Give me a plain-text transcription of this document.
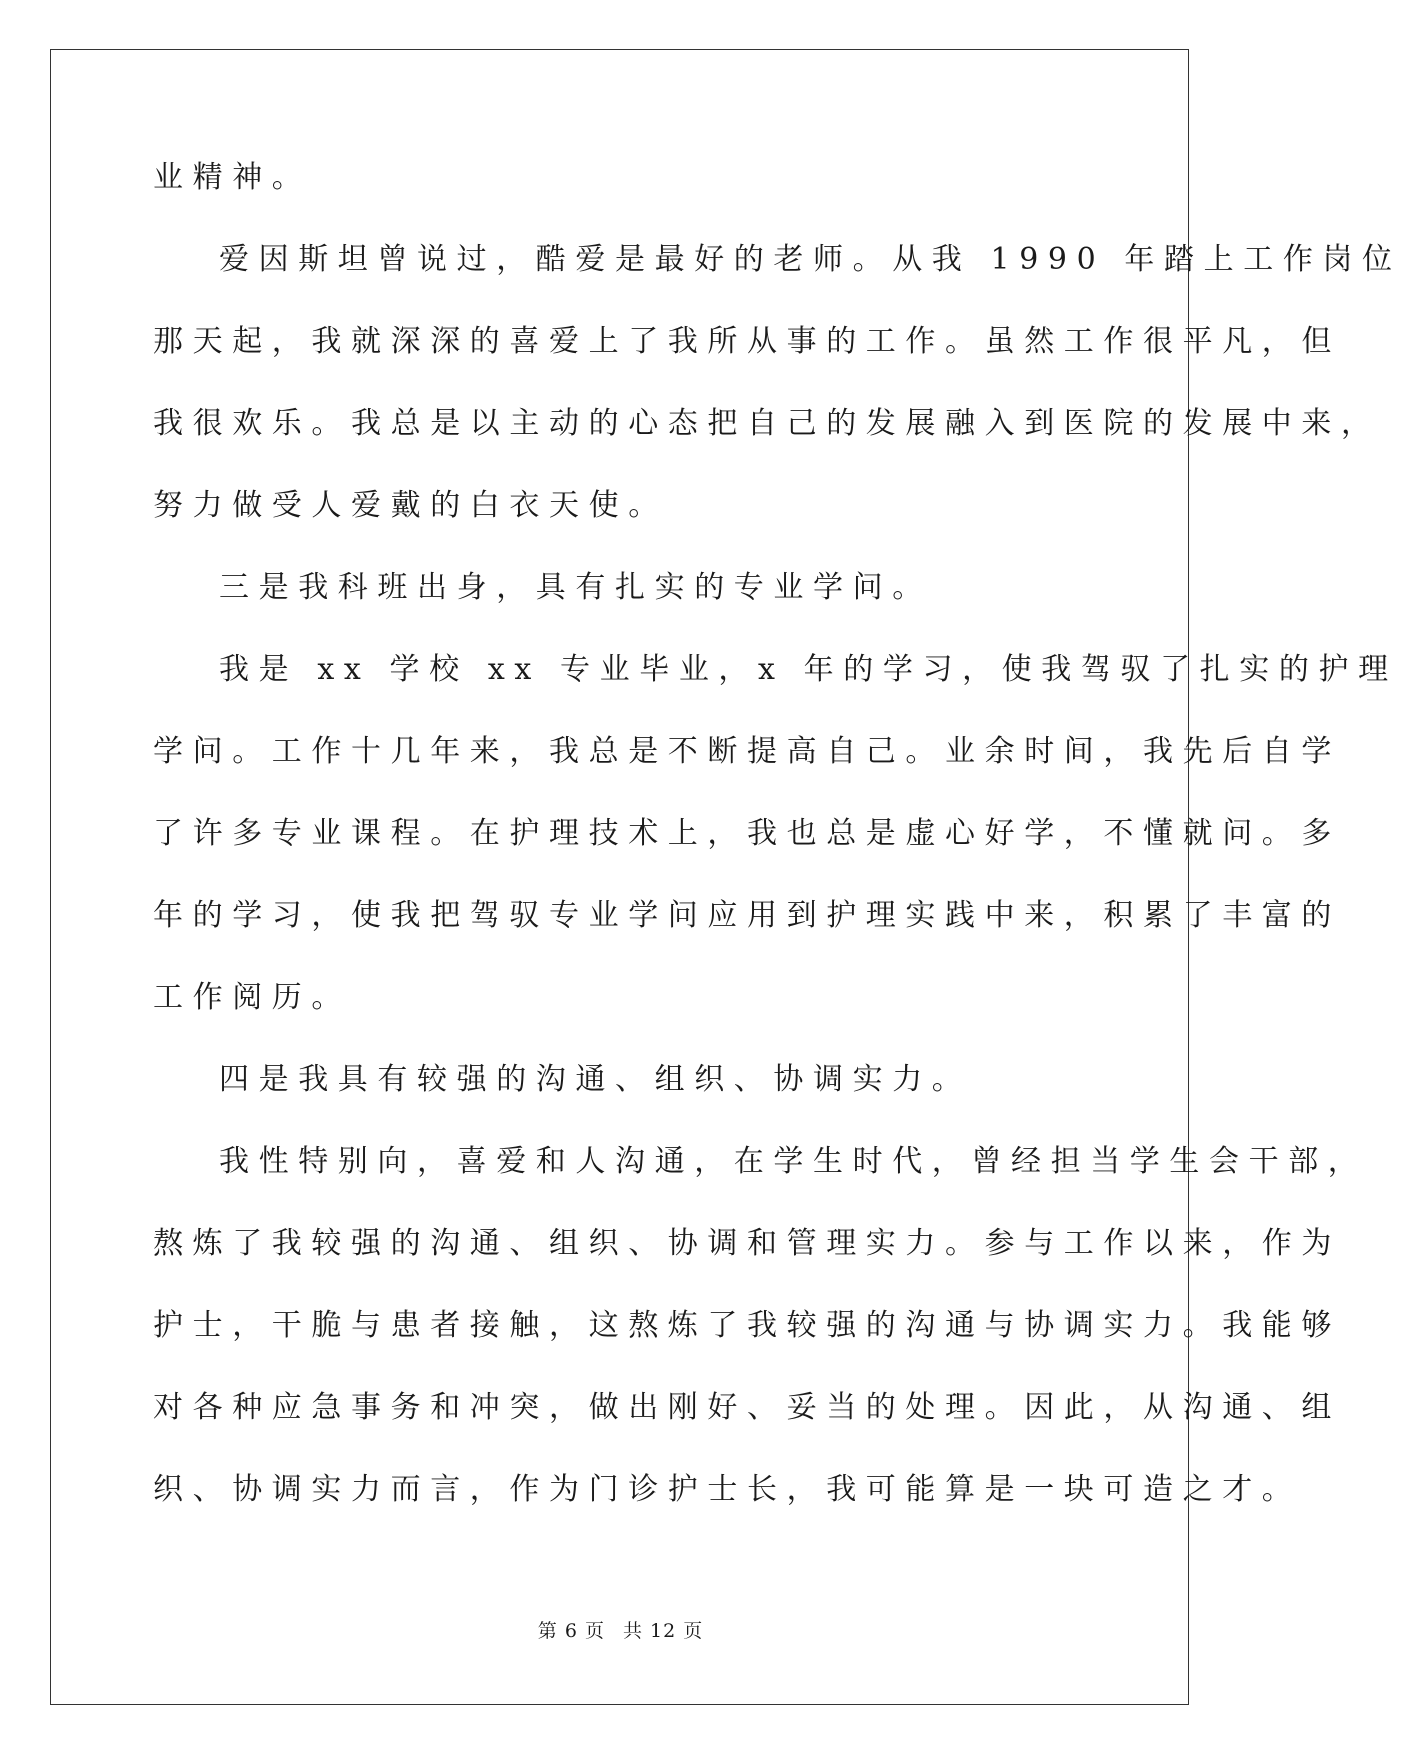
业精神。
爱因斯坦曾说过，酷爱是最好的老师。从我 1990 年踏上工作岗位
那天起，我就深深的喜爱上了我所从事的工作。虽然工作很平凡，但
我很欢乐。我总是以主动的心态把自己的发展融入到医院的发展中来，
努力做受人爱戴的白衣天使。
三是我科班出身，具有扎实的专业学问。
我是 xx 学校 xx 专业毕业，x 年的学习，使我驾驭了扎实的护理
学问。工作十几年来，我总是不断提高自己。业余时间，我先后自学
了许多专业课程。在护理技术上，我也总是虚心好学，不懂就问。多
年的学习，使我把驾驭专业学问应用到护理实践中来，积累了丰富的
工作阅历。
四是我具有较强的沟通、组织、协调实力。
我性特别向，喜爱和人沟通，在学生时代，曾经担当学生会干部，
熬炼了我较强的沟通、组织、协调和管理实力。参与工作以来，作为
护士，干脆与患者接触，这熬炼了我较强的沟通与协调实力。我能够
对各种应急事务和冲突，做出刚好、妥当的处理。因此，从沟通、组
织、协调实力而言，作为门诊护士长，我可能算是一块可造之才。
第 6 页 共 12 页
